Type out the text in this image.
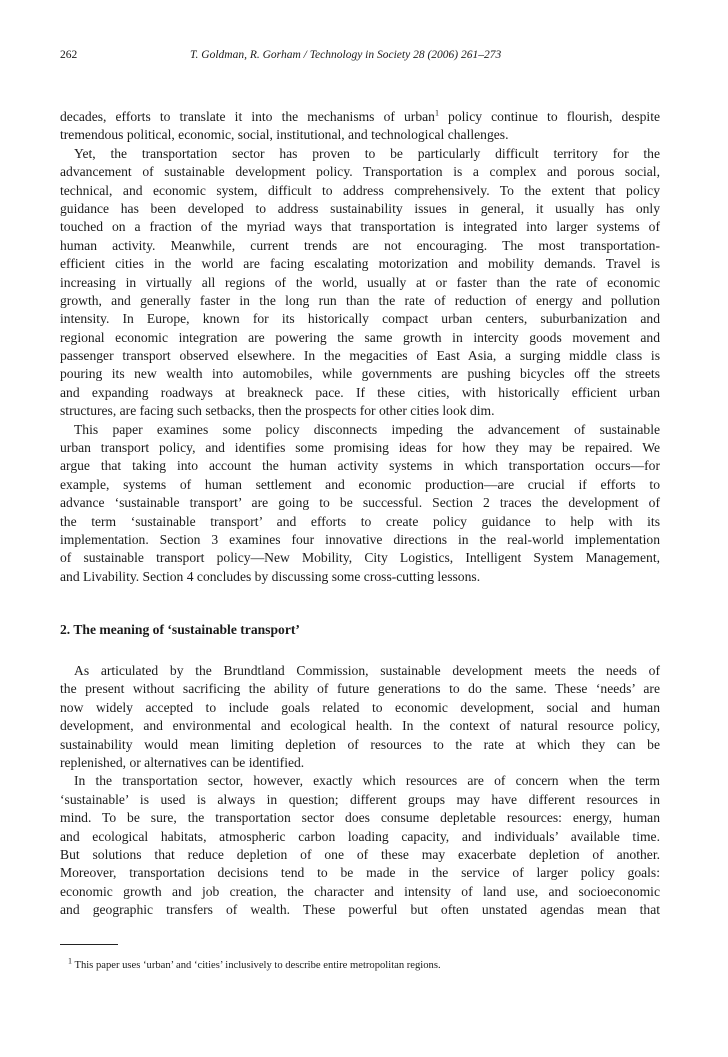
262	T. Goldman, R. Gorham / Technology in Society 28 (2006) 261–273
decades, efforts to translate it into the mechanisms of urban$^1$ policy continue to flourish, despite
tremendous political, economic, social, institutional, and technological challenges.
Yet, the transportation sector has proven to be particularly difficult territory for the
advancement of sustainable development policy. Transportation is a complex and porous social,
technical, and economic system, difficult to address comprehensively. To the extent that policy
guidance has been developed to address sustainability issues in general, it usually has only
touched on a fraction of the myriad ways that transportation is integrated into larger systems of
human activity. Meanwhile, current trends are not encouraging. The most transportation-
efficient cities in the world are facing escalating motorization and mobility demands. Travel is
increasing in virtually all regions of the world, usually at or faster than the rate of economic
growth, and generally faster in the long run than the rate of reduction of energy and pollution
intensity. In Europe, known for its historically compact urban centers, suburbanization and
regional economic integration are powering the same growth in intercity goods movement and
passenger transport observed elsewhere. In the megacities of East Asia, a surging middle class is
pouring its new wealth into automobiles, while governments are pushing bicycles off the streets
and expanding roadways at breakneck pace. If these cities, with historically efficient urban
structures, are facing such setbacks, then the prospects for other cities look dim.
This paper examines some policy disconnects impeding the advancement of sustainable
urban transport policy, and identifies some promising ideas for how they may be repaired. We
argue that taking into account the human activity systems in which transportation occurs—for
example, systems of human settlement and economic production—are crucial if efforts to
advance ‘sustainable transport’ are going to be successful. Section 2 traces the development of
the term ‘sustainable transport’ and efforts to create policy guidance to help with its
implementation. Section 3 examines four innovative directions in the real-world implementation
of sustainable transport policy—New Mobility, City Logistics, Intelligent System Management,
and Livability. Section 4 concludes by discussing some cross-cutting lessons.
2. The meaning of ‘sustainable transport’
As articulated by the Brundtland Commission, sustainable development meets the needs of
the present without sacrificing the ability of future generations to do the same. These ‘needs’ are
now widely accepted to include goals related to economic development, social and human
development, and environmental and ecological health. In the context of natural resource policy,
sustainability would mean limiting depletion of resources to the rate at which they can be
replenished, or alternatives can be identified.
In the transportation sector, however, exactly which resources are of concern when the term
‘sustainable’ is used is always in question; different groups may have different resources in
mind. To be sure, the transportation sector does consume depletable resources: energy, human
and ecological habitats, atmospheric carbon loading capacity, and individuals’ available time.
But solutions that reduce depletion of one of these may exacerbate depletion of another.
Moreover, transportation decisions tend to be made in the service of larger policy goals:
economic growth and job creation, the character and intensity of land use, and socioeconomic
and geographic transfers of wealth. These powerful but often unstated agendas mean that
$^1$ This paper uses ‘urban’ and ‘cities’ inclusively to describe entire metropolitan regions.
